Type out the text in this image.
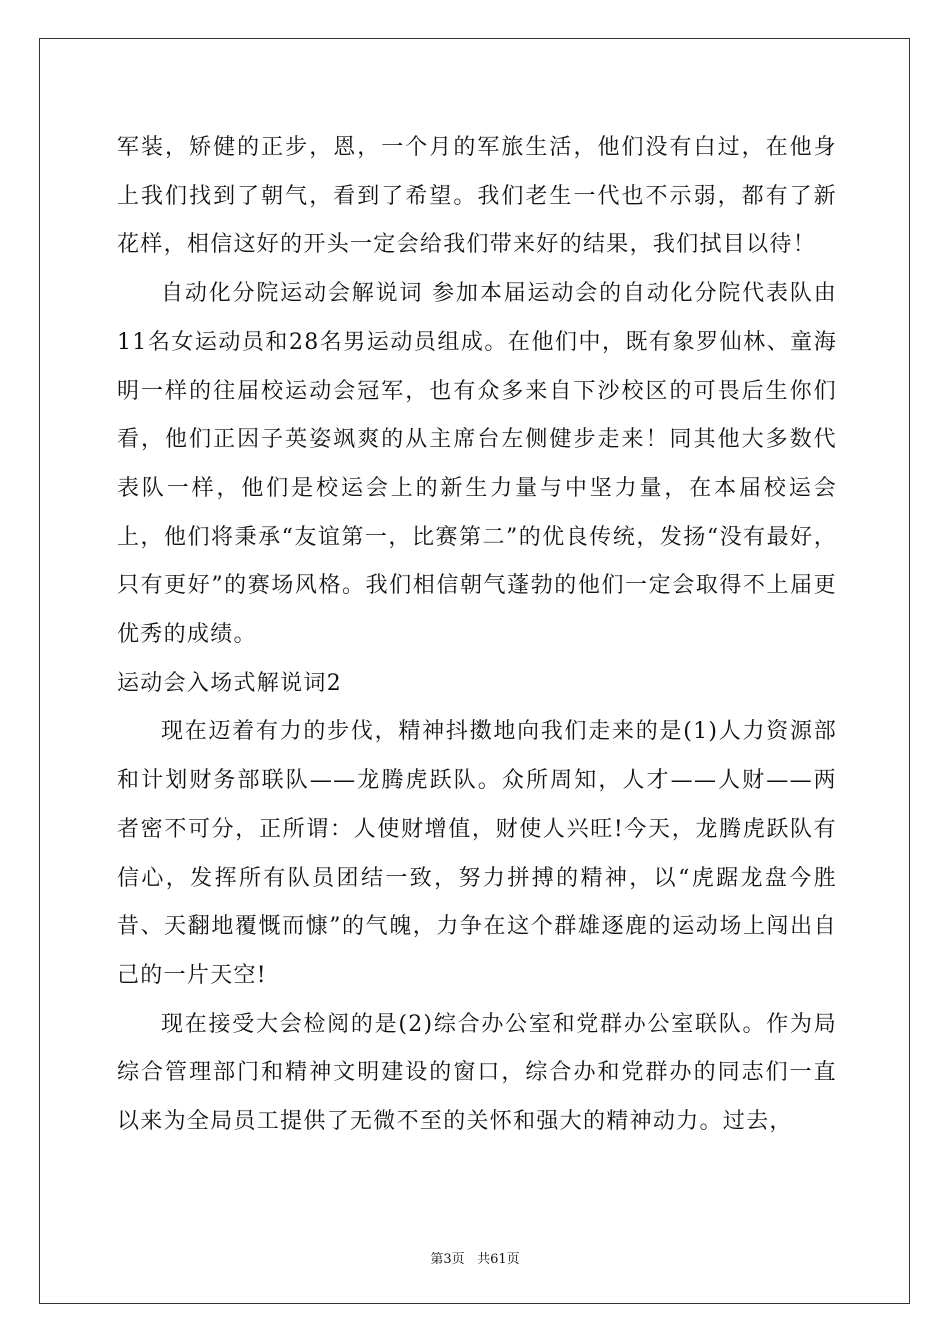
军装，矫健的正步，恩，一个月的军旅生活，他们没有白过，在他身上我们找到了朝气，看到了希望。我们老生一代也不示弱，都有了新花样，相信这好的开头一定会给我们带来好的结果，我们拭目以待！

自动化分院运动会解说词 参加本届运动会的自动化分院代表队由11名女运动员和28名男运动员组成。在他们中，既有象罗仙林、童海明一样的往届校运动会冠军，也有众多来自下沙校区的可畏后生你们看，他们正因子英姿飒爽的从主席台左侧健步走来！同其他大多数代表队一样，他们是校运会上的新生力量与中坚力量，在本届校运会上，他们将秉承“友谊第一，比赛第二”的优良传统，发扬“没有最好，只有更好”的赛场风格。我们相信朝气蓬勃的他们一定会取得不上届更优秀的成绩。

运动会入场式解说词2

现在迈着有力的步伐，精神抖擞地向我们走来的是(1)人力资源部和计划财务部联队——龙腾虎跃队。众所周知，人才——人财——两者密不可分，正所谓：人使财增值，财使人兴旺!今天，龙腾虎跃队有信心，发挥所有队员团结一致，努力拼搏的精神，以“虎踞龙盘今胜昔、天翻地覆慨而慷”的气魄，力争在这个群雄逐鹿的运动场上闯出自己的一片天空!

现在接受大会检阅的是(2)综合办公室和党群办公室联队。作为局综合管理部门和精神文明建设的窗口，综合办和党群办的同志们一直以来为全局员工提供了无微不至的关怀和强大的精神动力。过去，

第3页 共61页
